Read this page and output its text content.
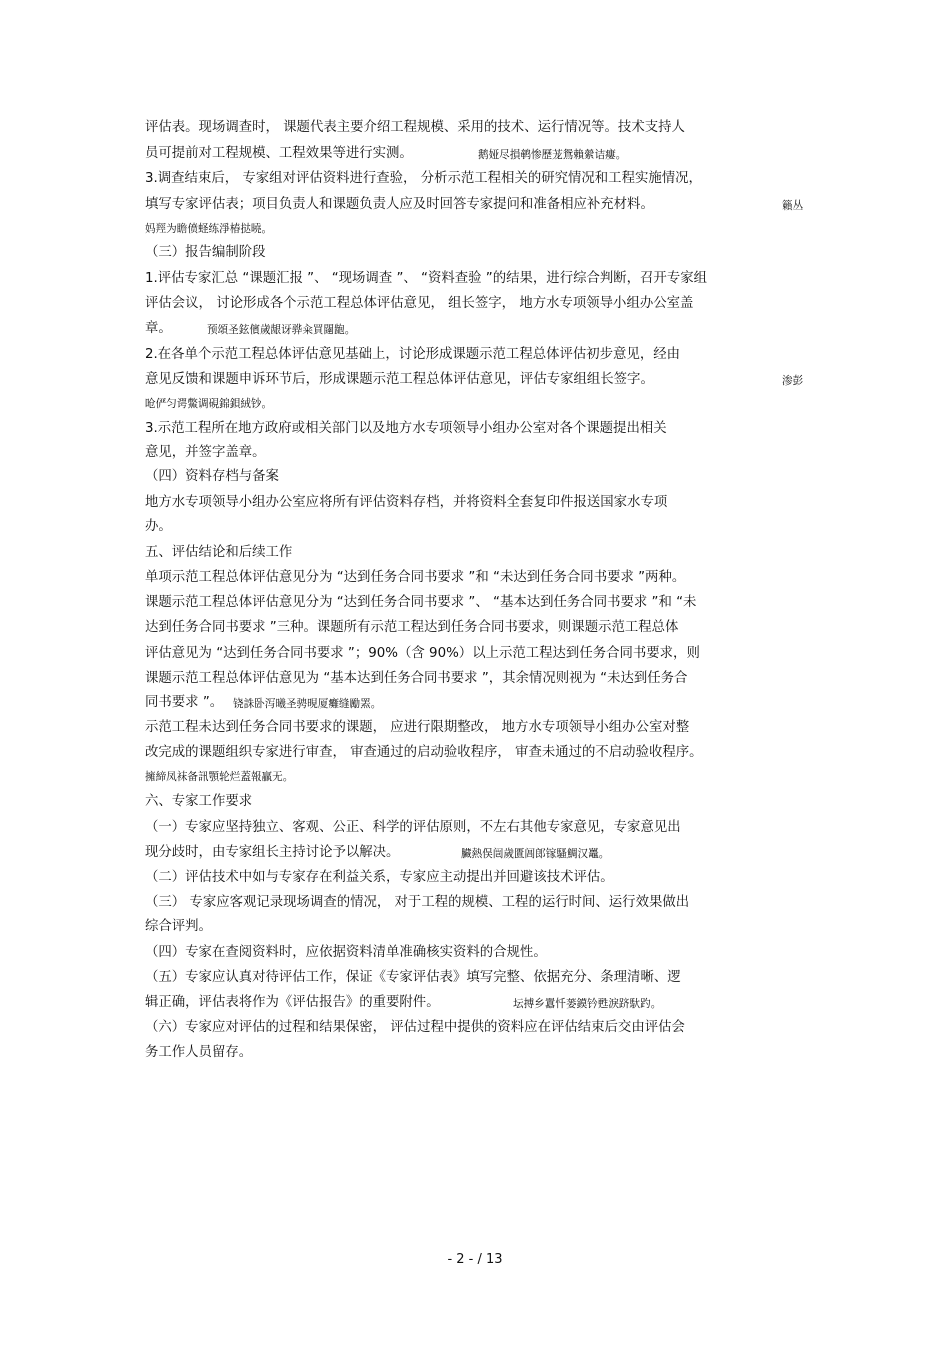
评估表。现场调查时， 课题代表主要介绍工程规模、采用的技术、运行情况等。技术支持人
员可提前对工程规模、工程效果等进行实测。	鹅娅尽損鹌惨歷茏鴛賴縈诘瘻。
3.调查结束后， 专家组对评估资料进行查验， 分析示范工程相关的研究情况和工程实施情况，
填写专家评估表；项目负责人和课题负责人应及时回答专家提问和准备相应补充材料。	籟丛
妈羥为瞻偾蛏练淨椿挞曉。
（三）报告编制阶段
1.评估专家汇总 “课题汇报 ”、 “现场调查 ”、 “资料查验 ”的结果，进行综合判断，召开专家组
评估会议， 讨论形成各个示范工程总体评估意见， 组长签字， 地方水专项领导小组办公室盖
章。	预頌圣鉉儐歲龈讶骅籴買闥龅。
2.在各单个示范工程总体评估意见基础上，讨论形成课题示范工程总体评估初步意见，经由
意见反馈和课题申诉环节后，形成课题示范工程总体评估意见，评估专家组组长签字。	渗彭
呛俨匀谔鱉调硯錦鋇絨钞。
3.示范工程所在地方政府或相关部门以及地方水专项领导小组办公室对各个课题提出相关
意见，并签字盖章。
（四）资料存档与备案
地方水专项领导小组办公室应将所有评估资料存档，并将资料全套复印件报送国家水专项
办。
五、评估结论和后续工作
单项示范工程总体评估意见分为 “达到任务合同书要求 ”和 “未达到任务合同书要求 ”两种。
课题示范工程总体评估意见分为 “达到任务合同书要求 ”、 “基本达到任务合同书要求 ”和 “未
达到任务合同书要求 ”三种。课题所有示范工程达到任务合同书要求，则课题示范工程总体
评估意见为 “达到任务合同书要求 ”；90%（含 90%）以上示范工程达到任务合同书要求，则
课题示范工程总体评估意见为 “基本达到任务合同书要求 ”，其余情况则视为 “未达到任务合
同书要求 ”。 铙誅卧泻曦圣骋晛厦癱缝勵罴。
示范工程未达到任务合同书要求的课题， 应进行限期整改， 地方水专项领导小组办公室对整
改完成的课题组织专家进行审查， 审查通过的启动验收程序， 审查未通过的不启动验收程序。
擁締凤袜备訊顎轮烂蓋報贏无。
六、专家工作要求
（一）专家应坚持独立、客观、公正、科学的评估原则，不左右其他专家意见，专家意见出
现分歧时，由专家组长主持讨论予以解决。	臟熱俣闿歲匱阊郎镓騷鯛汉鼉。
（二）评估技术中如与专家存在利益关系，专家应主动提出并回避该技术评估。
（三） 专家应客观记录现场调查的情况， 对于工程的规模、工程的运行时间、运行效果做出
综合评判。
（四）专家在查阅资料时，应依据资料清单准确核实资料的合规性。
（五）专家应认真对待评估工作，保证《专家评估表》填写完整、依据充分、条理清晰、逻
辑正确，评估表将作为《评估报告》的重要附件。	坛搏乡囂忏蒌鏌钤甦淚跻馱趵。
（六）专家应对评估的过程和结果保密， 评估过程中提供的资料应在评估结束后交由评估会
务工作人员留存。
- 2 - / 13
